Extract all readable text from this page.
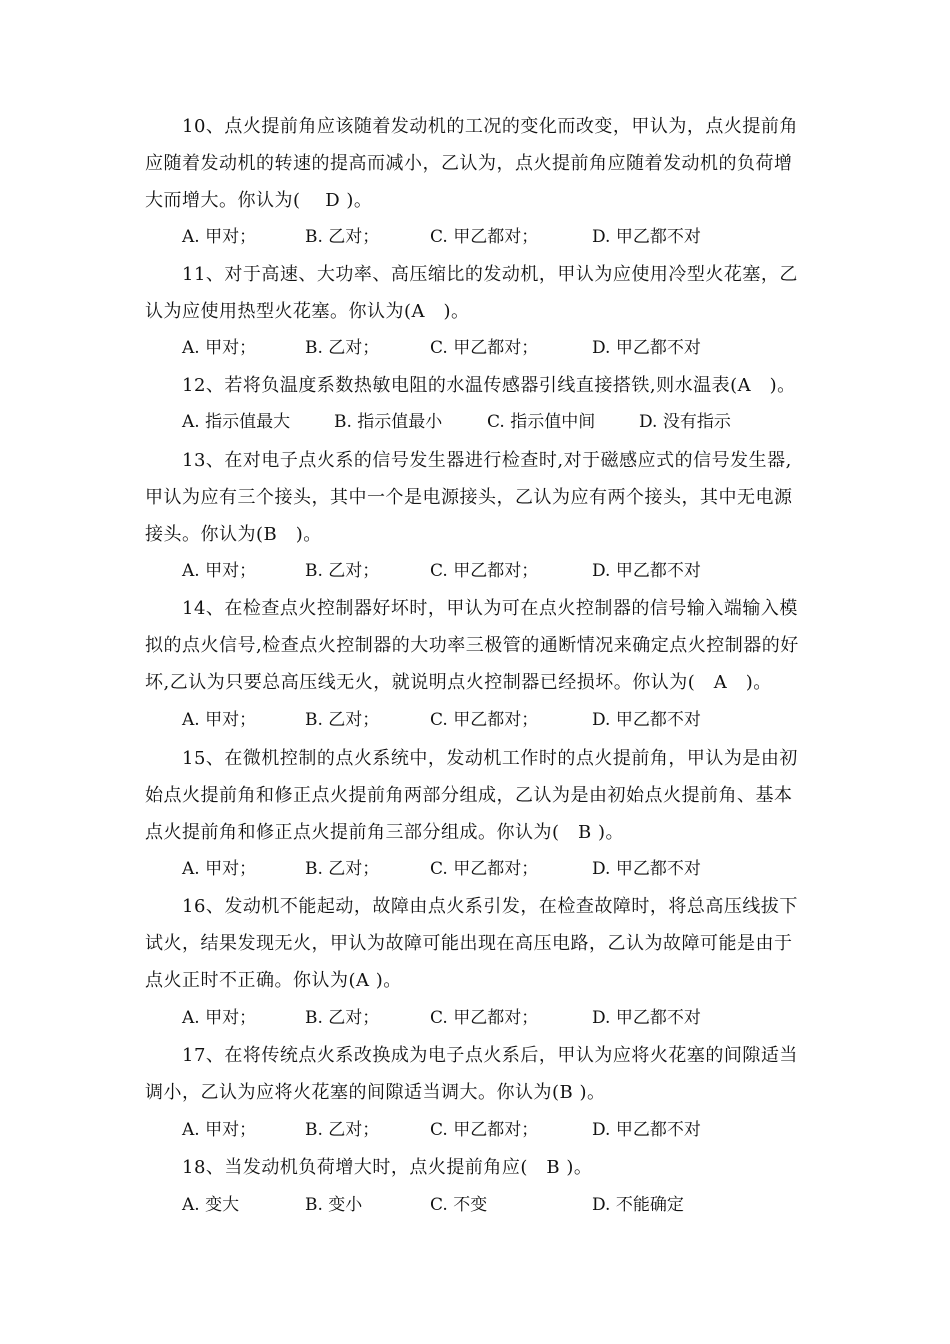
10、点火提前角应该随着发动机的工况的变化而改变，甲认为，点火提前角应随着发动机的转速的提高而减小，乙认为，点火提前角应随着发动机的负荷增大而增大。你认为(　 D )。
A. 甲对；	B. 乙对；	C. 甲乙都对；	D. 甲乙都不对
11、对于高速、大功率、高压缩比的发动机，甲认为应使用冷型火花塞，乙认为应使用热型火花塞。你认为(A　)。
A. 甲对；	B. 乙对；	C. 甲乙都对；	D. 甲乙都不对
12、若将负温度系数热敏电阻的水温传感器引线直接搭铁,则水温表(A　)。
A. 指示值最大	B. 指示值最小	C. 指示值中间	D. 没有指示
13、在对电子点火系的信号发生器进行检查时,对于磁感应式的信号发生器,甲认为应有三个接头，其中一个是电源接头，乙认为应有两个接头，其中无电源接头。你认为(B　)。
A. 甲对；	B. 乙对；	C. 甲乙都对；	D. 甲乙都不对
14、在检查点火控制器好坏时，甲认为可在点火控制器的信号输入端输入模拟的点火信号,检查点火控制器的大功率三极管的通断情况来确定点火控制器的好坏,乙认为只要总高压线无火，就说明点火控制器已经损坏。你认为(　A　)。
A. 甲对；	B. 乙对；	C. 甲乙都对；	D. 甲乙都不对
15、在微机控制的点火系统中，发动机工作时的点火提前角，甲认为是由初始点火提前角和修正点火提前角两部分组成，乙认为是由初始点火提前角、基本点火提前角和修正点火提前角三部分组成。你认为(　B )。
A. 甲对；	B. 乙对；	C. 甲乙都对；	D. 甲乙都不对
16、发动机不能起动，故障由点火系引发，在检查故障时，将总高压线拔下试火，结果发现无火，甲认为故障可能出现在高压电路，乙认为故障可能是由于点火正时不正确。你认为(A )。
A. 甲对；	B. 乙对；	C. 甲乙都对；	D. 甲乙都不对
17、在将传统点火系改换成为电子点火系后，甲认为应将火花塞的间隙适当调小，乙认为应将火花塞的间隙适当调大。你认为(B )。
A. 甲对；	B. 乙对；	C. 甲乙都对；	D. 甲乙都不对
18、当发动机负荷增大时，点火提前角应(　B )。
A. 变大	B. 变小	C. 不变	D. 不能确定
